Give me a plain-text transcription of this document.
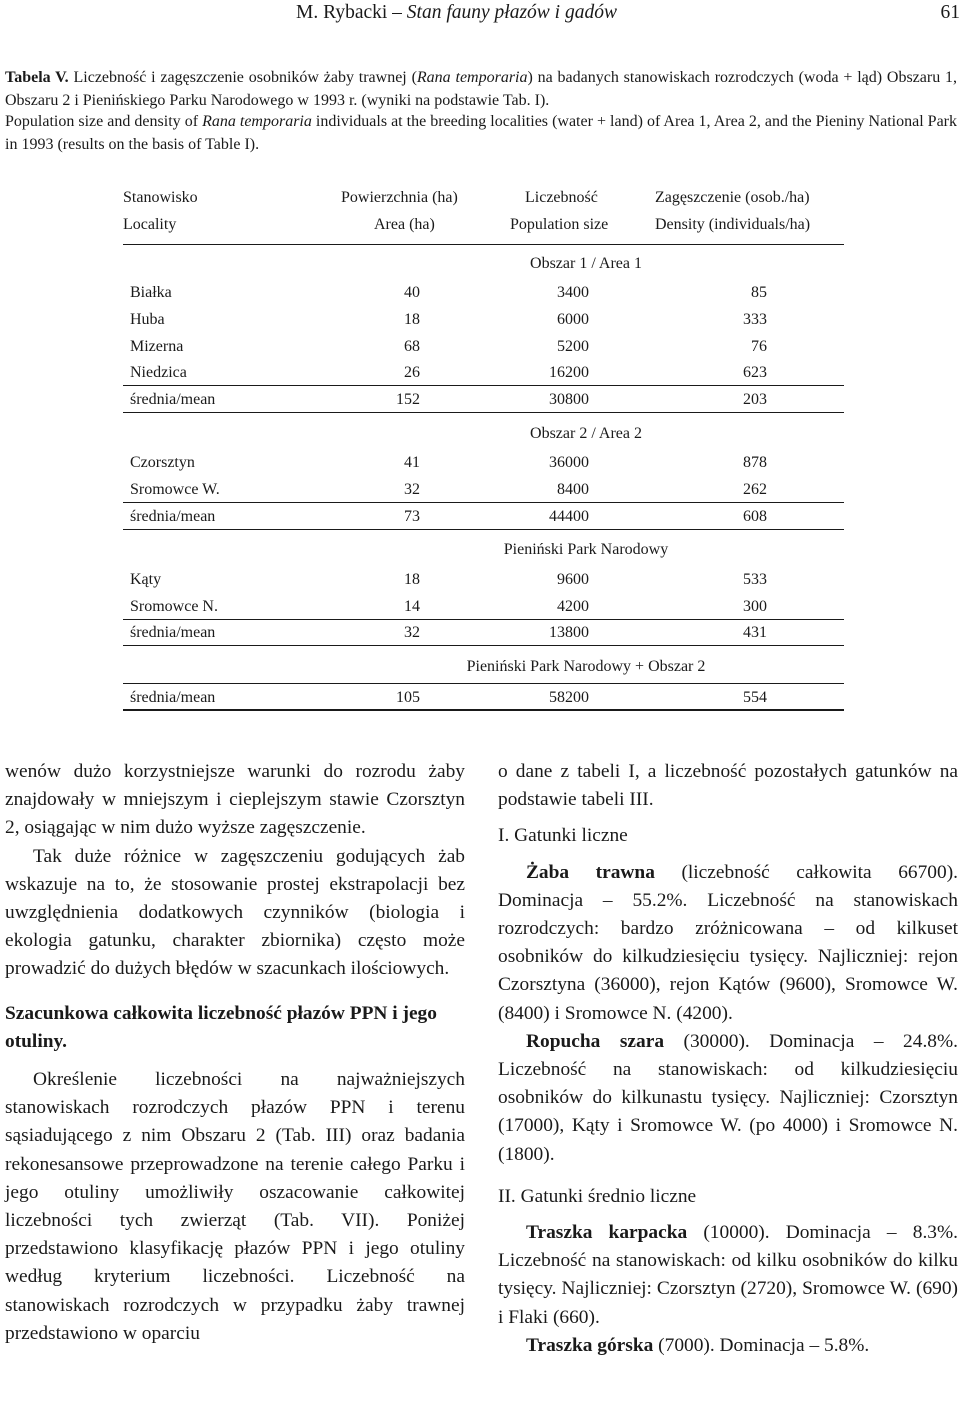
M. Rybacki – Stan fauny płazów i gadów	61
Tabela V. Liczebność i zagęszczenie osobników żaby trawnej (Rana temporaria) na badanych stanowiskach rozrodczych (woda + ląd) Obszaru 1, Obszaru 2 i Pienińskiego Parku Narodowego w 1993 r. (wyniki na podstawie Tab. I).
Population size and density of Rana temporaria individuals at the breeding localities (water + land) of Area 1, Area 2, and the Pieniny National Park in 1993 (results on the basis of Table I).
Stanowisko	Powierzchnia (ha)	Liczebność	Zagęszczenie (osob./ha)
Locality	Area (ha)	Population size	Density (individuals/ha)
Obszar 1 / Area 1
Białka	40	3400	85
Huba	18	6000	333
Mizerna	68	5200	76
Niedzica	26	16200	623
średnia/mean	152	30800	203
Obszar 2 / Area 2
Czorsztyn	41	36000	878
Sromowce W.	32	8400	262
średnia/mean	73	44400	608
Pieniński Park Narodowy
Kąty	18	9600	533
Sromowce N.	14	4200	300
średnia/mean	32	13800	431
Pieniński Park Narodowy + Obszar 2
średnia/mean	105	58200	554

wenów dużo korzystniejsze warunki do rozrodu żaby znajdowały w mniejszym i cieplejszym stawie Czorsztyn 2, osiągając w nim dużo wyższe zagęszczenie.

Tak duże różnice w zagęszczeniu godujących żab wskazuje na to, że stosowanie prostej ekstrapolacji bez uwzględnienia dodatkowych czynników (biologia i ekologia gatunku, charakter zbiornika) często może prowadzić do dużych błędów w szacunkach ilościowych.

Szacunkowa całkowita liczebność płazów PPN i jego otuliny.

Określenie liczebności na najważniejszych stanowiskach rozrodczych płazów PPN i terenu sąsiadującego z nim Obszaru 2 (Tab. III) oraz badania rekonesansowe przeprowadzone na terenie całego Parku i jego otuliny umożliwiły oszacowanie całkowitej liczebności tych zwierząt (Tab. VII). Poniżej przedstawiono klasyfikację płazów PPN i jego otuliny według kryterium liczebności. Liczebność na stanowiskach rozrodczych w przypadku żaby trawnej przedstawiono w oparciu

o dane z tabeli I, a liczebność pozostałych gatunków na podstawie tabeli III.

I. Gatunki liczne

Żaba trawna (liczebność całkowita 66700). Dominacja – 55.2%. Liczebność na stanowiskach rozrodczych: bardzo zróżnicowana – od kilkuset osobników do kilkudziesięciu tysięcy. Najliczniej: rejon Czorsztyna (36000), rejon Kątów (9600), Sromowce W. (8400) i Sromowce N. (4200).

Ropucha szara (30000). Dominacja – 24.8%. Liczebność na stanowiskach: od kilkudziesięciu osobników do kilkunastu tysięcy. Najliczniej: Czorsztyn (17000), Kąty i Sromowce W. (po 4000) i Sromowce N. (1800).

II. Gatunki średnio liczne

Traszka karpacka (10000). Dominacja – 8.3%. Liczebność na stanowiskach: od kilku osobników do kilku tysięcy. Najliczniej: Czorsztyn (2720), Sromowce W. (690) i Flaki (660).

Traszka górska (7000). Dominacja – 5.8%.
